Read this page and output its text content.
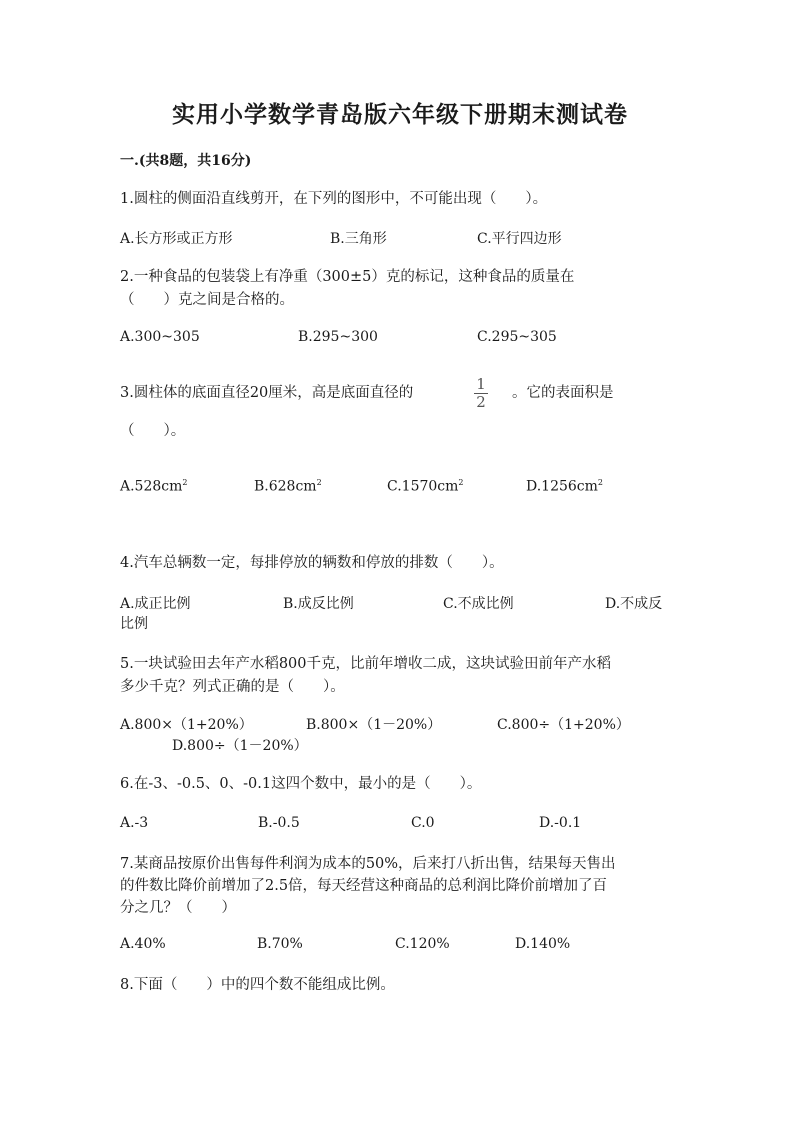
实用小学数学青岛版六年级下册期末测试卷
一.(共8题，共16分)
1.圆柱的侧面沿直线剪开，在下列的图形中，不可能出现（　　）。
A.长方形或正方形	B.三角形	C.平行四边形
2.一种食品的包装袋上有净重（300±5）克的标记，这种食品的质量在
（　　）克之间是合格的。
A.300~305	B.295~300	C.295~305
3.圆柱体的底面直径20厘米，高是底面直径的	1
2 。它的表面积是
（　　）。
$A.528cm^2$	$B.628cm^2$	$C.1570cm^2$	$D.1256cm^2$
4.汽车总辆数一定，每排停放的辆数和停放的排数（　　）。
A.成正比例	B.成反比例	C.不成比例	D.不成反
比例
5.一块试验田去年产水稻800千克，比前年增收二成，这块试验田前年产水稻
多少千克？列式正确的是（　　）。
A.800×（1+20%）	B.800×（1－20%）	C.800÷（1+20%）
D.800÷（1－20%）
6.在-3、-0.5、0、-0.1这四个数中，最小的是（　　）。
A.-3	B.-0.5	C.0	D.-0.1
7.某商品按原价出售每件利润为成本的50%，后来打八折出售，结果每天售出
的件数比降价前增加了2.5倍，每天经营这种商品的总利润比降价前增加了百
分之几？（　　）
A.40%	B.70%	C.120%	D.140%
8.下面（　　）中的四个数不能组成比例。
